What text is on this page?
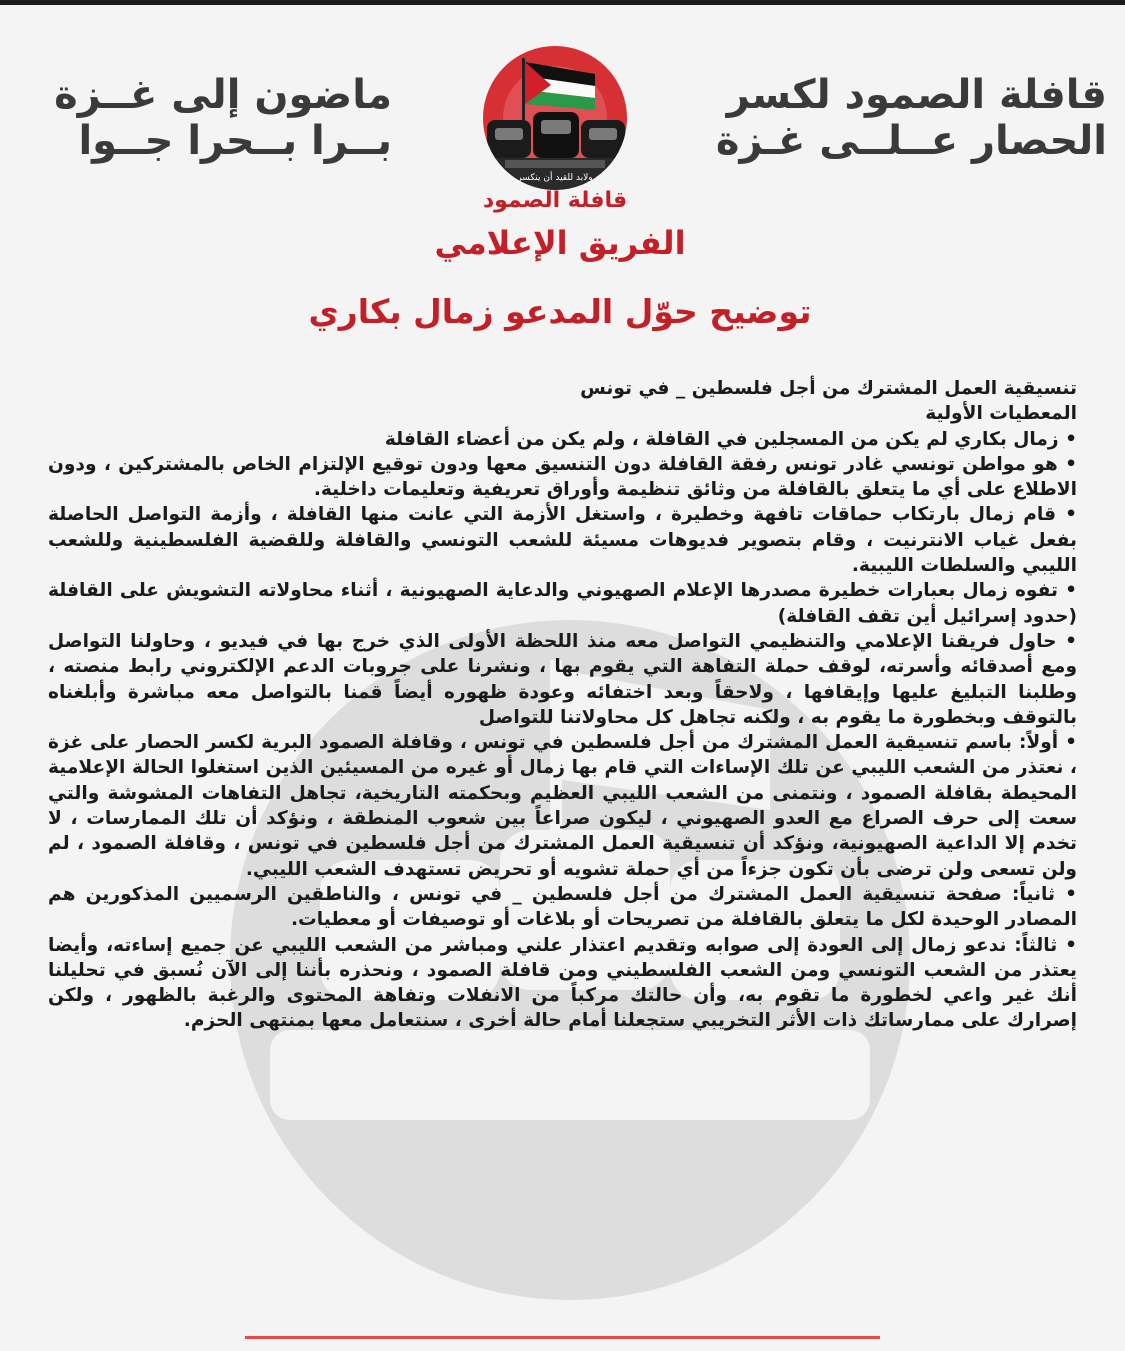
قافلة الصمود لكسر
الحصار عــلــى غـزة
ماضون إلى غــزة
بــرا بــحرا جــوا
ولابد للقيد أن ينكسر
قافلة الصمود
الفريق الإعلامي
توضيح حوّل المدعو زمال بكاري

تنسيقية العمل المشترك من أجل فلسطين _ في تونس

المعطيات الأولية

• زمال بكاري لم يكن من المسجلين في القافلة ، ولم يكن من أعضاء القافلة

• هو مواطن تونسي غادر تونس رفقة القافلة دون التنسيق معها ودون توقيع الإلتزام الخاص بالمشتركين ، ودون الاطلاع على أي ما يتعلق بالقافلة من وثائق تنظيمة وأوراق تعريفية وتعليمات داخلية.

• قام زمال بارتكاب حماقات تافهة وخطيرة ، واستغل الأزمة التي عانت منها القافلة ، وأزمة التواصل الحاصلة بفعل غياب الانترنيت ، وقام بتصوير فديوهات مسيئة للشعب التونسي والقافلة وللقضية الفلسطينية وللشعب الليبي والسلطات الليبية.

• تفوه زمال بعبارات خطيرة مصدرها الإعلام الصهيوني والدعاية الصهيونية ، أثناء محاولاته التشويش على القافلة (حدود إسرائيل أين تقف القافلة)

• حاول فريقنا الإعلامي والتنظيمي التواصل معه منذ اللحظة الأولى الذي خرج بها في فيديو ، وحاولنا التواصل ومع أصدقائه وأسرته، لوقف حملة التفاهة التي يقوم بها ، ونشرنا على جروبات الدعم الإلكتروني رابط منصته ، وطلبنا التبليغ عليها وإيقافها ، ولاحقاً وبعد اختفائه وعودة ظهوره أيضاً قمنا بالتواصل معه مباشرة وأبلغناه بالتوقف وبخطورة ما يقوم به ، ولكنه تجاهل كل محاولاتنا للتواصل

• أولاً: باسم تنسيقية العمل المشترك من أجل فلسطين في تونس ، وقافلة الصمود البرية لكسر الحصار على غزة ، نعتذر من الشعب الليبي عن تلك الإساءات التي قام بها زمال أو غيره من المسيئين الذين استغلوا الحالة الإعلامية المحيطة بقافلة الصمود ، ونتمنى من الشعب الليبي العظيم وبحكمته التاريخية، تجاهل التفاهات المشوشة والتي سعت إلى حرف الصراع مع العدو الصهيوني ، ليكون صراعاً بين شعوب المنطقة ، ونؤكد أن تلك الممارسات ، لا تخدم إلا الداعية الصهيونية، ونؤكد أن تنسيقية العمل المشترك من أجل فلسطين في تونس ، وقافلة الصمود ، لم ولن تسعى ولن ترضى بأن تكون جزءاً من أي حملة تشويه أو تحريض تستهدف الشعب الليبي.

• ثانياً: صفحة تنسيقية العمل المشترك من أجل فلسطين _ في تونس ، والناطقين الرسميين المذكورين هم المصادر الوحيدة لكل ما يتعلق بالقافلة من تصريحات أو بلاغات أو توصيفات أو معطيات.

• ثالثاً: ندعو زمال إلى العودة إلى صوابه وتقديم اعتذار علني ومباشر من الشعب الليبي عن جميع إساءته، وأيضا يعتذر من الشعب التونسي ومن الشعب الفلسطيني ومن قافلة الصمود ، ونحذره بأننا إلى الآن نُسبق في تحليلنا أنك غير واعي لخطورة ما تقوم به، وأن حالتك مركباً من الانفلات وتفاهة المحتوى والرغبة بالظهور ، ولكن إصرارك على ممارساتك ذات الأثر التخريبي ستجعلنا أمام حالة أخرى ، سنتعامل معها بمنتهى الحزم.
